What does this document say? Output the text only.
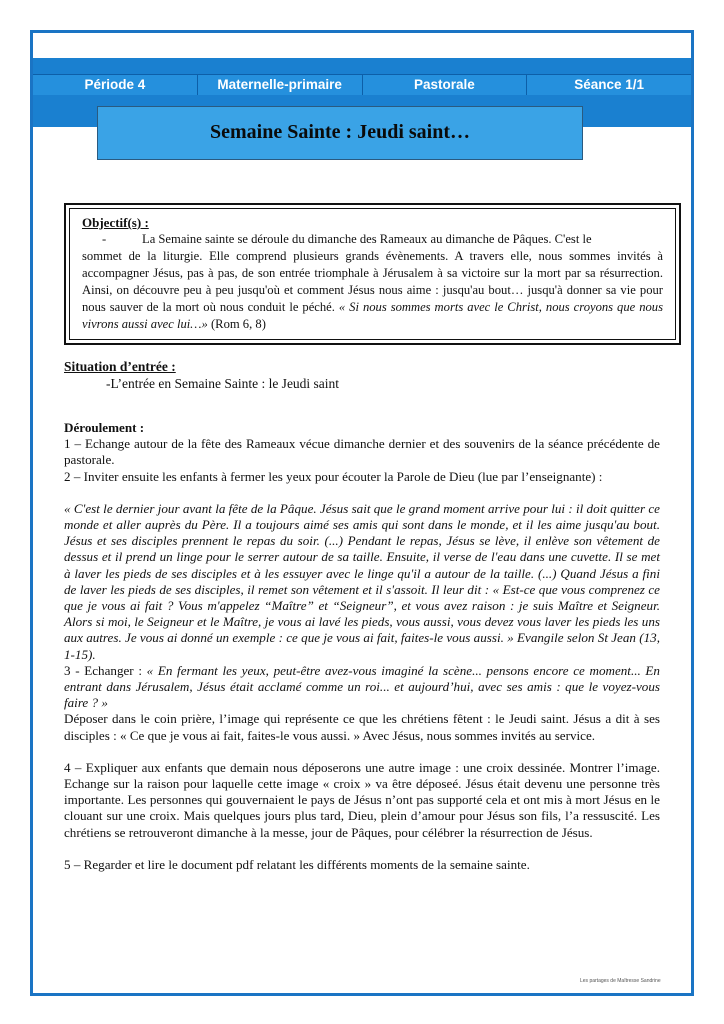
Période 4	Maternelle-primaire	Pastorale	Séance 1/1
Semaine Sainte : Jeudi saint…
Objectif(s) :
-	La Semaine sainte se déroule du dimanche des Rameaux au dimanche de Pâques. C'est le
sommet de la liturgie. Elle comprend plusieurs grands évènements. A travers elle, nous sommes invités à accompagner Jésus, pas à pas, de son entrée triomphale à Jérusalem à sa victoire sur la mort par sa résurrection. Ainsi, on découvre peu à peu jusqu'où et comment Jésus nous aime : jusqu'au bout… jusqu'à donner sa vie pour nous sauver de la mort où nous conduit le péché. « Si nous sommes morts avec le Christ, nous croyons que nous vivrons aussi avec lui…» (Rom 6, 8)
Situation d’entrée :
-L’entrée en Semaine Sainte : le Jeudi saint

Déroulement :

1 – Echange autour de la fête des Rameaux vécue dimanche dernier et des souvenirs de la séance précédente de pastorale.

2 – Inviter ensuite les enfants à fermer les yeux pour écouter la Parole de Dieu (lue par l’enseignante) :

« C'est le dernier jour avant la fête de la Pâque. Jésus sait que le grand moment arrive pour lui : il doit quitter ce monde et aller auprès du Père. Il a toujours aimé ses amis qui sont dans le monde, et il les aime jusqu'au bout. Jésus et ses disciples prennent le repas du soir. (...) Pendant le repas, Jésus se lève, il enlève son vêtement de dessus et il prend un linge pour le serrer autour de sa taille. Ensuite, il verse de l'eau dans une cuvette. Il se met à laver les pieds de ses disciples et à les essuyer avec le linge qu'il a autour de la taille. (...) Quand Jésus a fini de laver les pieds de ses disciples, il remet son vêtement et il s'assoit. Il leur dit : « Est-ce que vous comprenez ce que je vous ai fait ? Vous m'appelez “Maître” et “Seigneur”, et vous avez raison : je suis Maître et Seigneur. Alors si moi, le Seigneur et le Maître, je vous ai lavé les pieds, vous aussi, vous devez vous laver les pieds les uns aux autres. Je vous ai donné un exemple : ce que je vous ai fait, faites-le vous aussi. » Evangile selon St Jean (13, 1-15).

3 - Echanger : « En fermant les yeux, peut-être avez-vous imaginé la scène... pensons encore ce moment... En entrant dans Jérusalem, Jésus était acclamé comme un roi... et aujourd’hui, avec ses amis : que le voyez-vous faire ? »

Déposer dans le coin prière, l’image qui représente ce que les chrétiens fêtent : le Jeudi saint. Jésus a dit à ses disciples : « Ce que je vous ai fait, faites-le vous aussi. » Avec Jésus, nous sommes invités au service.

4 – Expliquer aux enfants que demain nous déposerons une autre image : une croix dessinée. Montrer l’image. Echange sur la raison pour laquelle cette image « croix » va être déposeé. Jésus était devenu une personne très importante. Les personnes qui gouvernaient le pays de Jésus n’ont pas supporté cela et ont mis à mort Jésus en le clouant sur une croix. Mais quelques jours plus tard, Dieu, plein d’amour pour Jésus son fils, l’a ressuscité. Les chrétiens se retrouveront dimanche à la messe, jour de Pâques, pour célébrer la résurrection de Jésus.

5 – Regarder et lire le document pdf relatant les différents moments de la semaine sainte.

Les partages de Maîtresse Sandrine
